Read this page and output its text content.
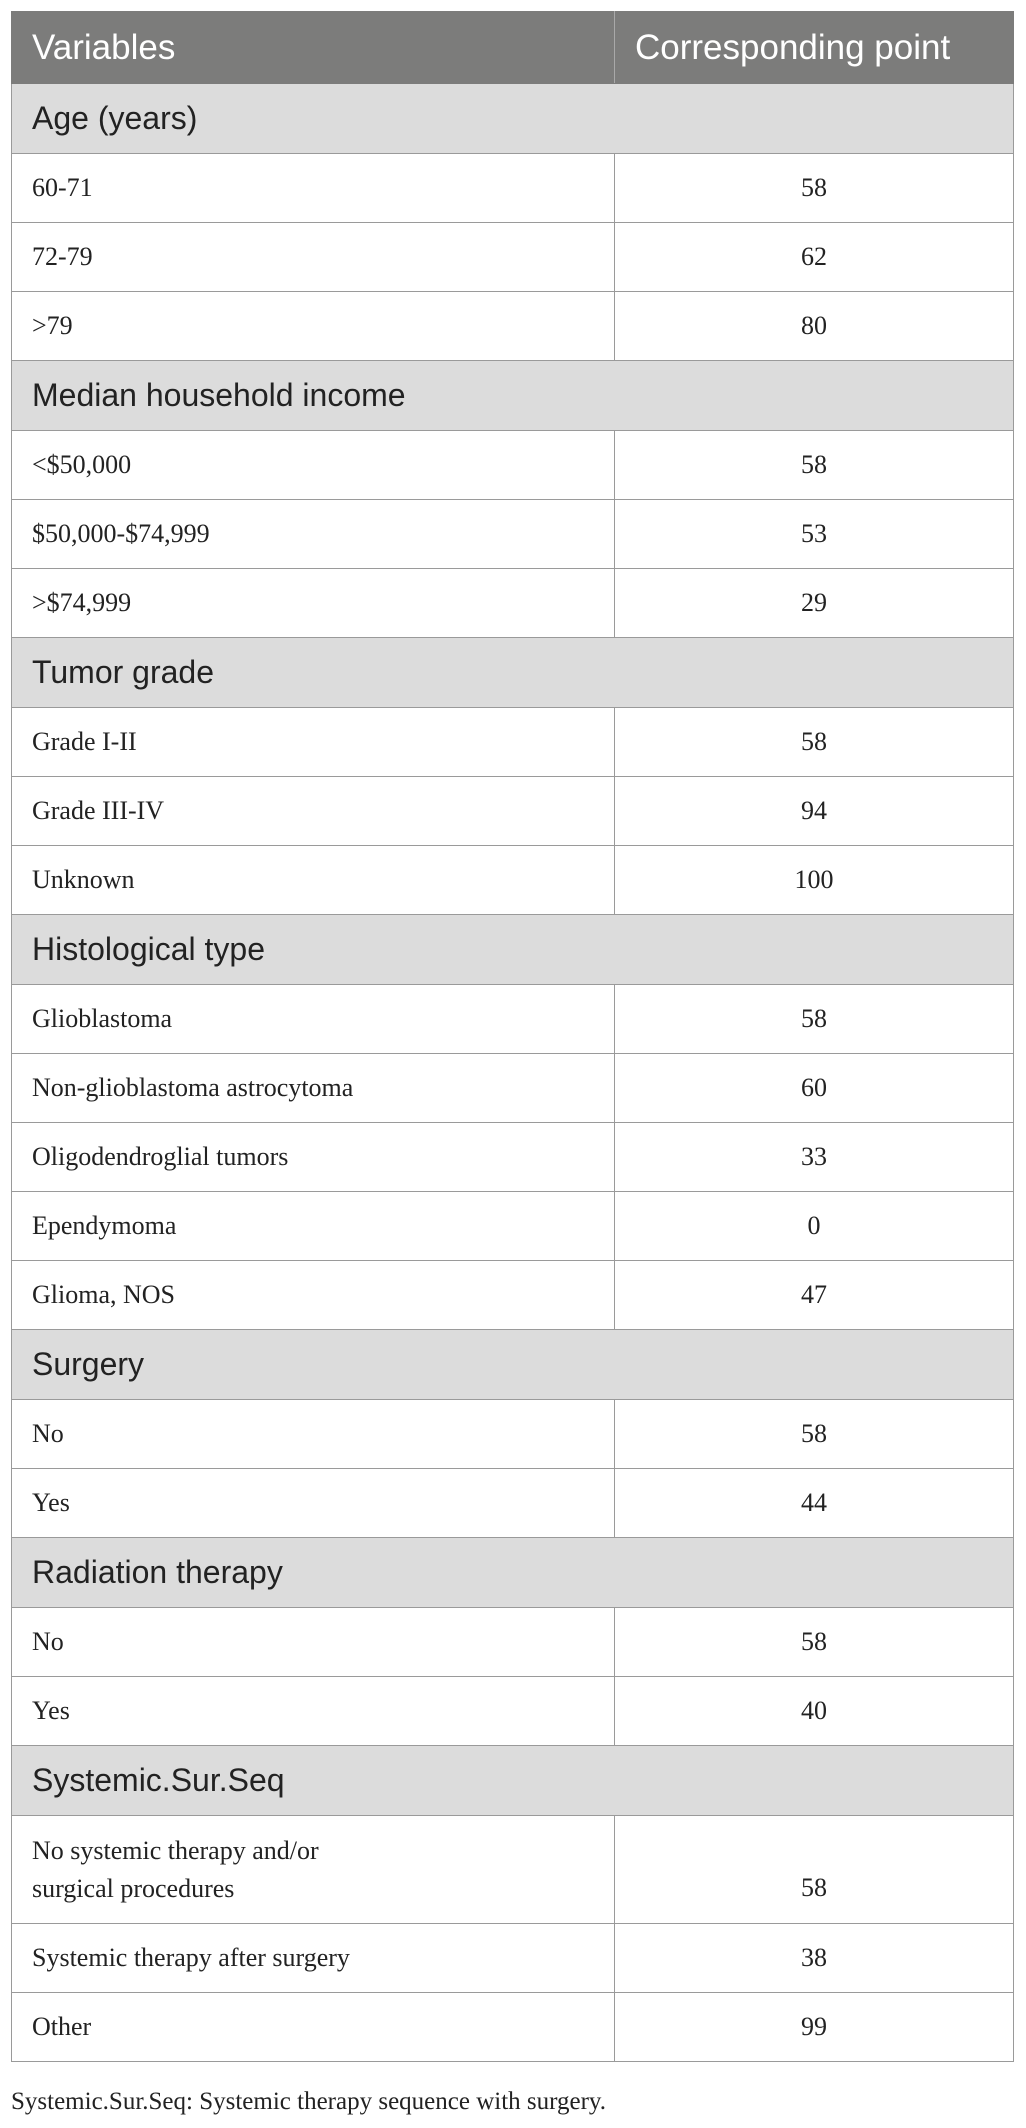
Variables	Corresponding point
Age (years)	
60-71	58
72-79	62
>79	80
Median household income	
<$50,000	58
$50,000-$74,999	53
>$74,999	29
Tumor grade	
Grade I-II	58
Grade III-IV	94
Unknown	100
Histological type	
Glioblastoma	58
Non-glioblastoma astrocytoma	60
Oligodendroglial tumors	33
Ependymoma	0
Glioma, NOS	47
Surgery	
No	58
Yes	44
Radiation therapy	
No	58
Yes	40
Systemic.Sur.Seq	
No systemic therapy and/or
surgical procedures	58
Systemic therapy after surgery	38
Other	99
Systemic.Sur.Seq: Systemic therapy sequence with surgery.
